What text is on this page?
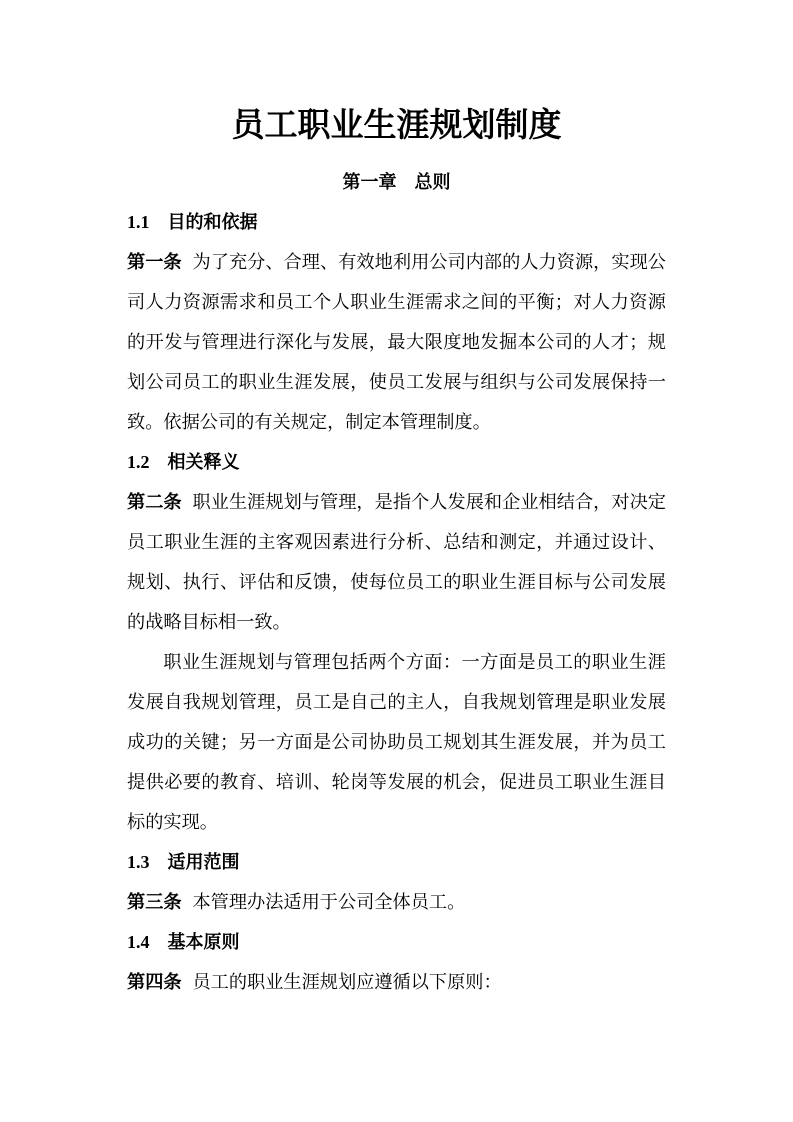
员工职业生涯规划制度
第一章　总则
1.1　目的和依据

第一条 为了充分、合理、有效地利用公司内部的人力资源，实现公司人力资源需求和员工个人职业生涯需求之间的平衡；对人力资源的开发与管理进行深化与发展，最大限度地发掘本公司的人才；规划公司员工的职业生涯发展，使员工发展与组织与公司发展保持一致。依据公司的有关规定，制定本管理制度。

1.2　相关释义

第二条 职业生涯规划与管理，是指个人发展和企业相结合，对决定员工职业生涯的主客观因素进行分析、总结和测定，并通过设计、规划、执行、评估和反馈，使每位员工的职业生涯目标与公司发展的战略目标相一致。

职业生涯规划与管理包括两个方面：一方面是员工的职业生涯发展自我规划管理，员工是自己的主人，自我规划管理是职业发展成功的关键；另一方面是公司协助员工规划其生涯发展，并为员工提供必要的教育、培训、轮岗等发展的机会，促进员工职业生涯目标的实现。

1.3　适用范围

第三条 本管理办法适用于公司全体员工。

1.4　基本原则

第四条 员工的职业生涯规划应遵循以下原则：
